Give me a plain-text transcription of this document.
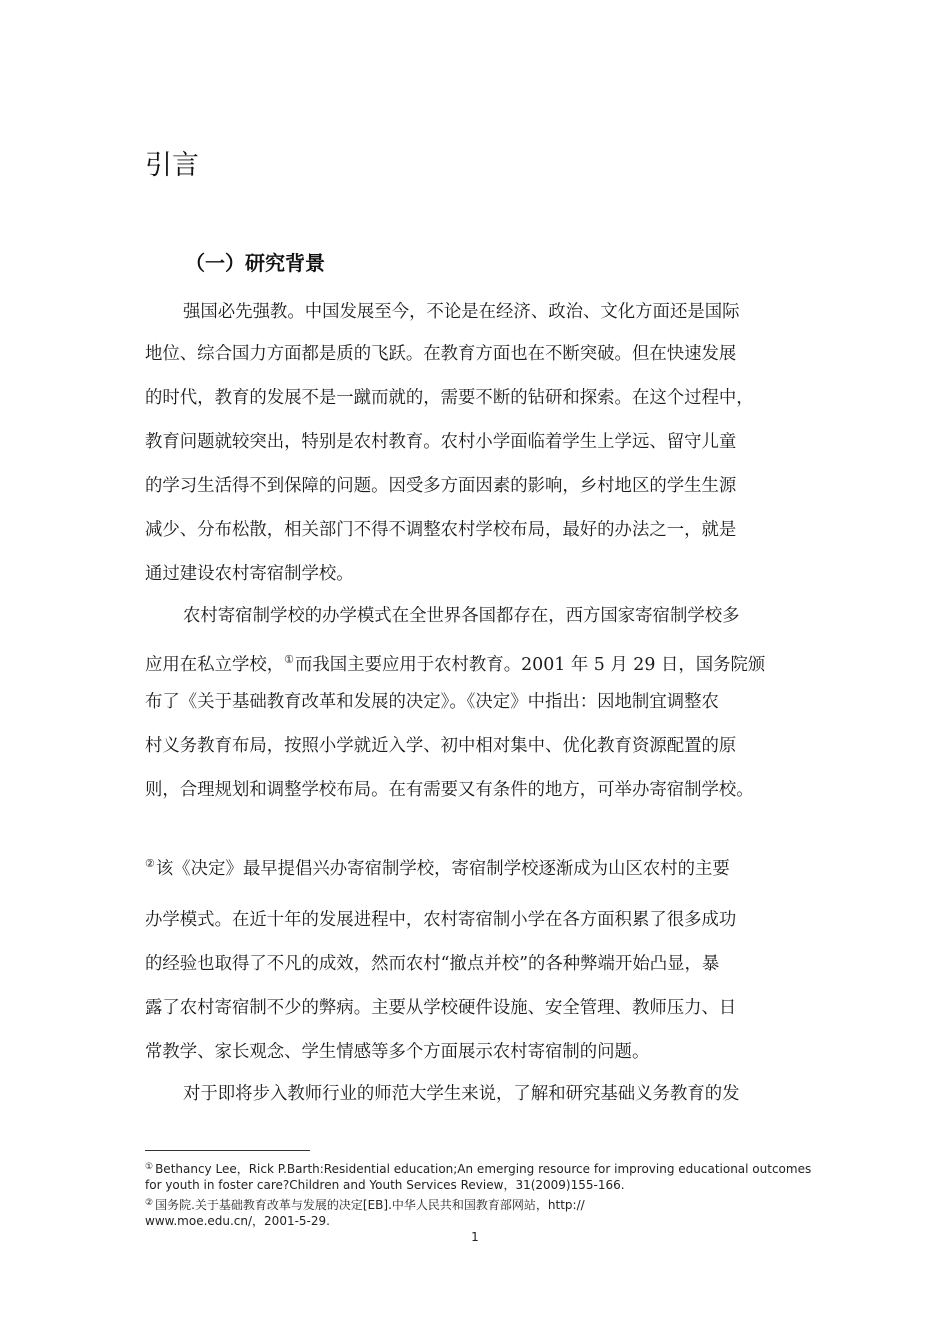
引言
（一）研究背景
强国必先强教。中国发展至今，不论是在经济、政治、文化方面还是国际
地位、综合国力方面都是质的飞跃。在教育方面也在不断突破。但在快速发展
的时代，教育的发展不是一蹴而就的，需要不断的钻研和探索。在这个过程中，
教育问题就较突出，特别是农村教育。农村小学面临着学生上学远、留守儿童
的学习生活得不到保障的问题。因受多方面因素的影响，乡村地区的学生生源
减少、分布松散，相关部门不得不调整农村学校布局，最好的办法之一，就是
通过建设农村寄宿制学校。
农村寄宿制学校的办学模式在全世界各国都存在，西方国家寄宿制学校多
应用在私立学校，①而我国主要应用于农村教育。2001 年 5 月 29 日，国务院颁
布了《关于基础教育改革和发展的决定》。《决定》中指出：因地制宜调整农
村义务教育布局，按照小学就近入学、初中相对集中、优化教育资源配置的原
则，合理规划和调整学校布局。在有需要又有条件的地方，可举办寄宿制学校。
②该《决定》最早提倡兴办寄宿制学校，寄宿制学校逐渐成为山区农村的主要
办学模式。在近十年的发展进程中，农村寄宿制小学在各方面积累了很多成功
的经验也取得了不凡的成效，然而农村“撤点并校”的各种弊端开始凸显，暴
露了农村寄宿制不少的弊病。主要从学校硬件设施、安全管理、教师压力、日
常教学、家长观念、学生情感等多个方面展示农村寄宿制的问题。
对于即将步入教师行业的师范大学生来说，了解和研究基础义务教育的发
① Bethancy Lee，Rick P.Barth:Residential education;An emerging resource for improving educational outcomes
for youth in foster care?Children and Youth Services Review，31(2009)155-166.
② 国务院.关于基础教育改革与发展的决定[EB].中华人民共和国教育部网站，http://
www.moe.edu.cn/，2001-5-29.
1
